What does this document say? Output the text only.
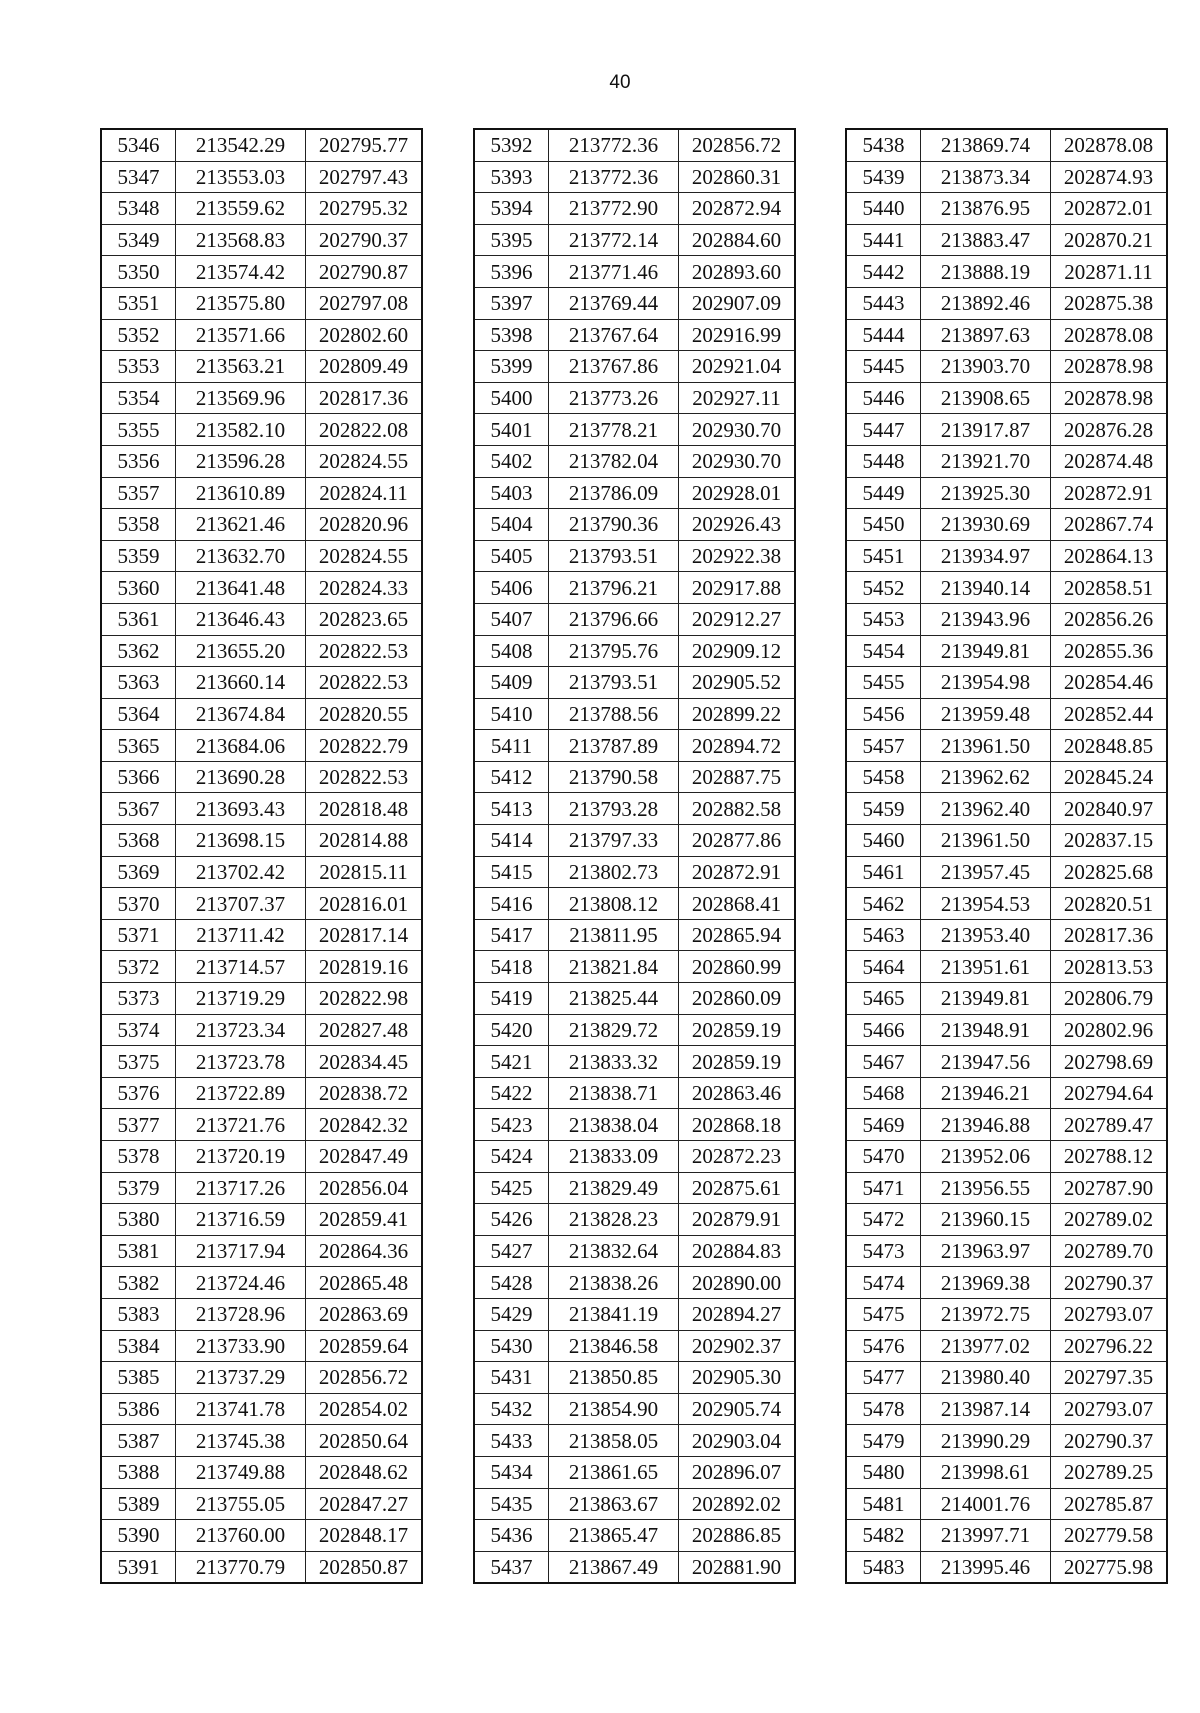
40
5346	213542.29	202795.77
5347	213553.03	202797.43
5348	213559.62	202795.32
5349	213568.83	202790.37
5350	213574.42	202790.87
5351	213575.80	202797.08
5352	213571.66	202802.60
5353	213563.21	202809.49
5354	213569.96	202817.36
5355	213582.10	202822.08
5356	213596.28	202824.55
5357	213610.89	202824.11
5358	213621.46	202820.96
5359	213632.70	202824.55
5360	213641.48	202824.33
5361	213646.43	202823.65
5362	213655.20	202822.53
5363	213660.14	202822.53
5364	213674.84	202820.55
5365	213684.06	202822.79
5366	213690.28	202822.53
5367	213693.43	202818.48
5368	213698.15	202814.88
5369	213702.42	202815.11
5370	213707.37	202816.01
5371	213711.42	202817.14
5372	213714.57	202819.16
5373	213719.29	202822.98
5374	213723.34	202827.48
5375	213723.78	202834.45
5376	213722.89	202838.72
5377	213721.76	202842.32
5378	213720.19	202847.49
5379	213717.26	202856.04
5380	213716.59	202859.41
5381	213717.94	202864.36
5382	213724.46	202865.48
5383	213728.96	202863.69
5384	213733.90	202859.64
5385	213737.29	202856.72
5386	213741.78	202854.02
5387	213745.38	202850.64
5388	213749.88	202848.62
5389	213755.05	202847.27
5390	213760.00	202848.17
5391	213770.79	202850.87
5392	213772.36	202856.72
5393	213772.36	202860.31
5394	213772.90	202872.94
5395	213772.14	202884.60
5396	213771.46	202893.60
5397	213769.44	202907.09
5398	213767.64	202916.99
5399	213767.86	202921.04
5400	213773.26	202927.11
5401	213778.21	202930.70
5402	213782.04	202930.70
5403	213786.09	202928.01
5404	213790.36	202926.43
5405	213793.51	202922.38
5406	213796.21	202917.88
5407	213796.66	202912.27
5408	213795.76	202909.12
5409	213793.51	202905.52
5410	213788.56	202899.22
5411	213787.89	202894.72
5412	213790.58	202887.75
5413	213793.28	202882.58
5414	213797.33	202877.86
5415	213802.73	202872.91
5416	213808.12	202868.41
5417	213811.95	202865.94
5418	213821.84	202860.99
5419	213825.44	202860.09
5420	213829.72	202859.19
5421	213833.32	202859.19
5422	213838.71	202863.46
5423	213838.04	202868.18
5424	213833.09	202872.23
5425	213829.49	202875.61
5426	213828.23	202879.91
5427	213832.64	202884.83
5428	213838.26	202890.00
5429	213841.19	202894.27
5430	213846.58	202902.37
5431	213850.85	202905.30
5432	213854.90	202905.74
5433	213858.05	202903.04
5434	213861.65	202896.07
5435	213863.67	202892.02
5436	213865.47	202886.85
5437	213867.49	202881.90
5438	213869.74	202878.08
5439	213873.34	202874.93
5440	213876.95	202872.01
5441	213883.47	202870.21
5442	213888.19	202871.11
5443	213892.46	202875.38
5444	213897.63	202878.08
5445	213903.70	202878.98
5446	213908.65	202878.98
5447	213917.87	202876.28
5448	213921.70	202874.48
5449	213925.30	202872.91
5450	213930.69	202867.74
5451	213934.97	202864.13
5452	213940.14	202858.51
5453	213943.96	202856.26
5454	213949.81	202855.36
5455	213954.98	202854.46
5456	213959.48	202852.44
5457	213961.50	202848.85
5458	213962.62	202845.24
5459	213962.40	202840.97
5460	213961.50	202837.15
5461	213957.45	202825.68
5462	213954.53	202820.51
5463	213953.40	202817.36
5464	213951.61	202813.53
5465	213949.81	202806.79
5466	213948.91	202802.96
5467	213947.56	202798.69
5468	213946.21	202794.64
5469	213946.88	202789.47
5470	213952.06	202788.12
5471	213956.55	202787.90
5472	213960.15	202789.02
5473	213963.97	202789.70
5474	213969.38	202790.37
5475	213972.75	202793.07
5476	213977.02	202796.22
5477	213980.40	202797.35
5478	213987.14	202793.07
5479	213990.29	202790.37
5480	213998.61	202789.25
5481	214001.76	202785.87
5482	213997.71	202779.58
5483	213995.46	202775.98
